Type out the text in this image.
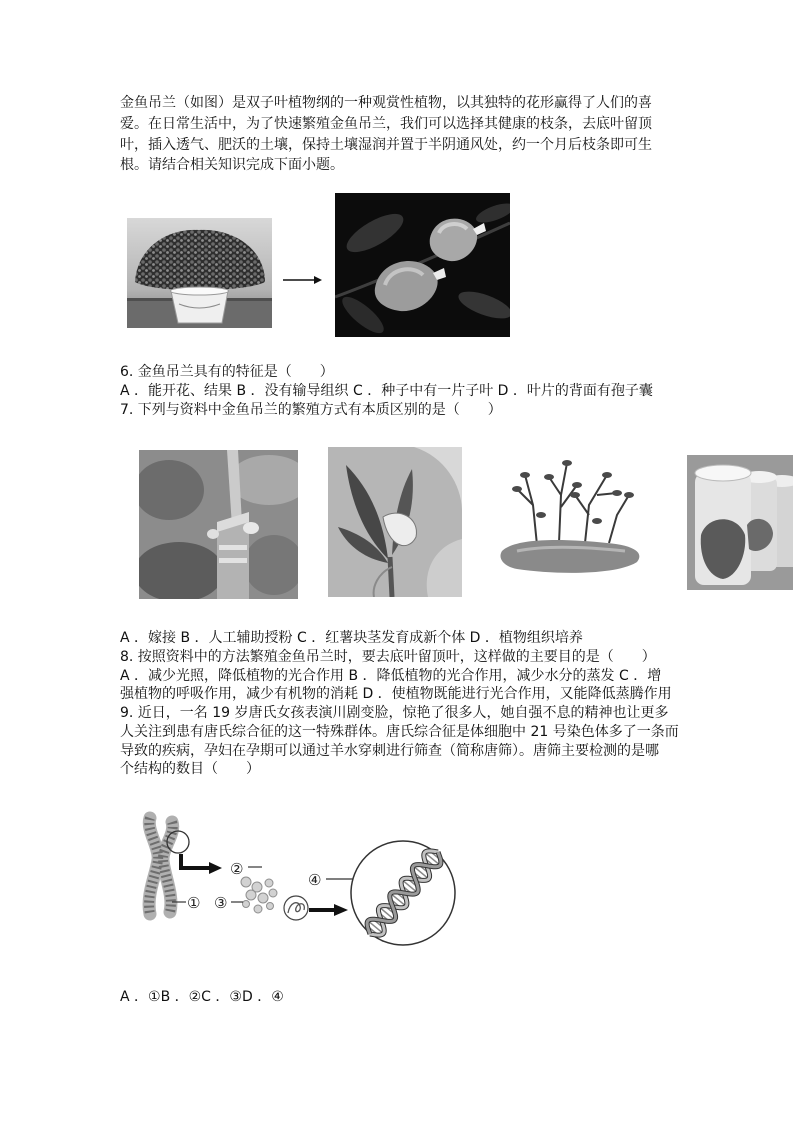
金鱼吊兰（如图）是双子叶植物纲的一种观赏性植物，以其独特的花形赢得了人们的喜
爱。在日常生活中，为了快速繁殖金鱼吊兰，我们可以选择其健康的枝条，去底叶留顶
叶，插入透气、肥沃的土壤，保持土壤湿润并置于半阴通风处，约一个月后枝条即可生
根。请结合相关知识完成下面小题。
6. 金鱼吊兰具有的特征是（　　）
A ．能开花、结果 B ．没有输导组织 C ．种子中有一片子叶 D ．叶片的背面有孢子囊
7. 下列与资料中金鱼吊兰的繁殖方式有本质区别的是（　　）
A ．嫁接 B ．人工辅助授粉 C ．红薯块茎发育成新个体 D ．植物组织培养
8. 按照资料中的方法繁殖金鱼吊兰时，要去底叶留顶叶，这样做的主要目的是（　　）
A ．减少光照，降低植物的光合作用 B ．降低植物的光合作用，减少水分的蒸发 C ．增
强植物的呼吸作用，减少有机物的消耗 D ．使植物既能进行光合作用，又能降低蒸腾作用
9. 近日，一名 19 岁唐氏女孩表演川剧变脸，惊艳了很多人，她自强不息的精神也让更多
人关注到患有唐氏综合征的这一特殊群体。唐氏综合征是体细胞中 21 号染色体多了一条而
导致的疾病，孕妇在孕期可以通过羊水穿刺进行筛查（简称唐筛）。唐筛主要检测的是哪
个结构的数目（　　）
②
③
①
④
A ．①B ．②C ．③D ．④
